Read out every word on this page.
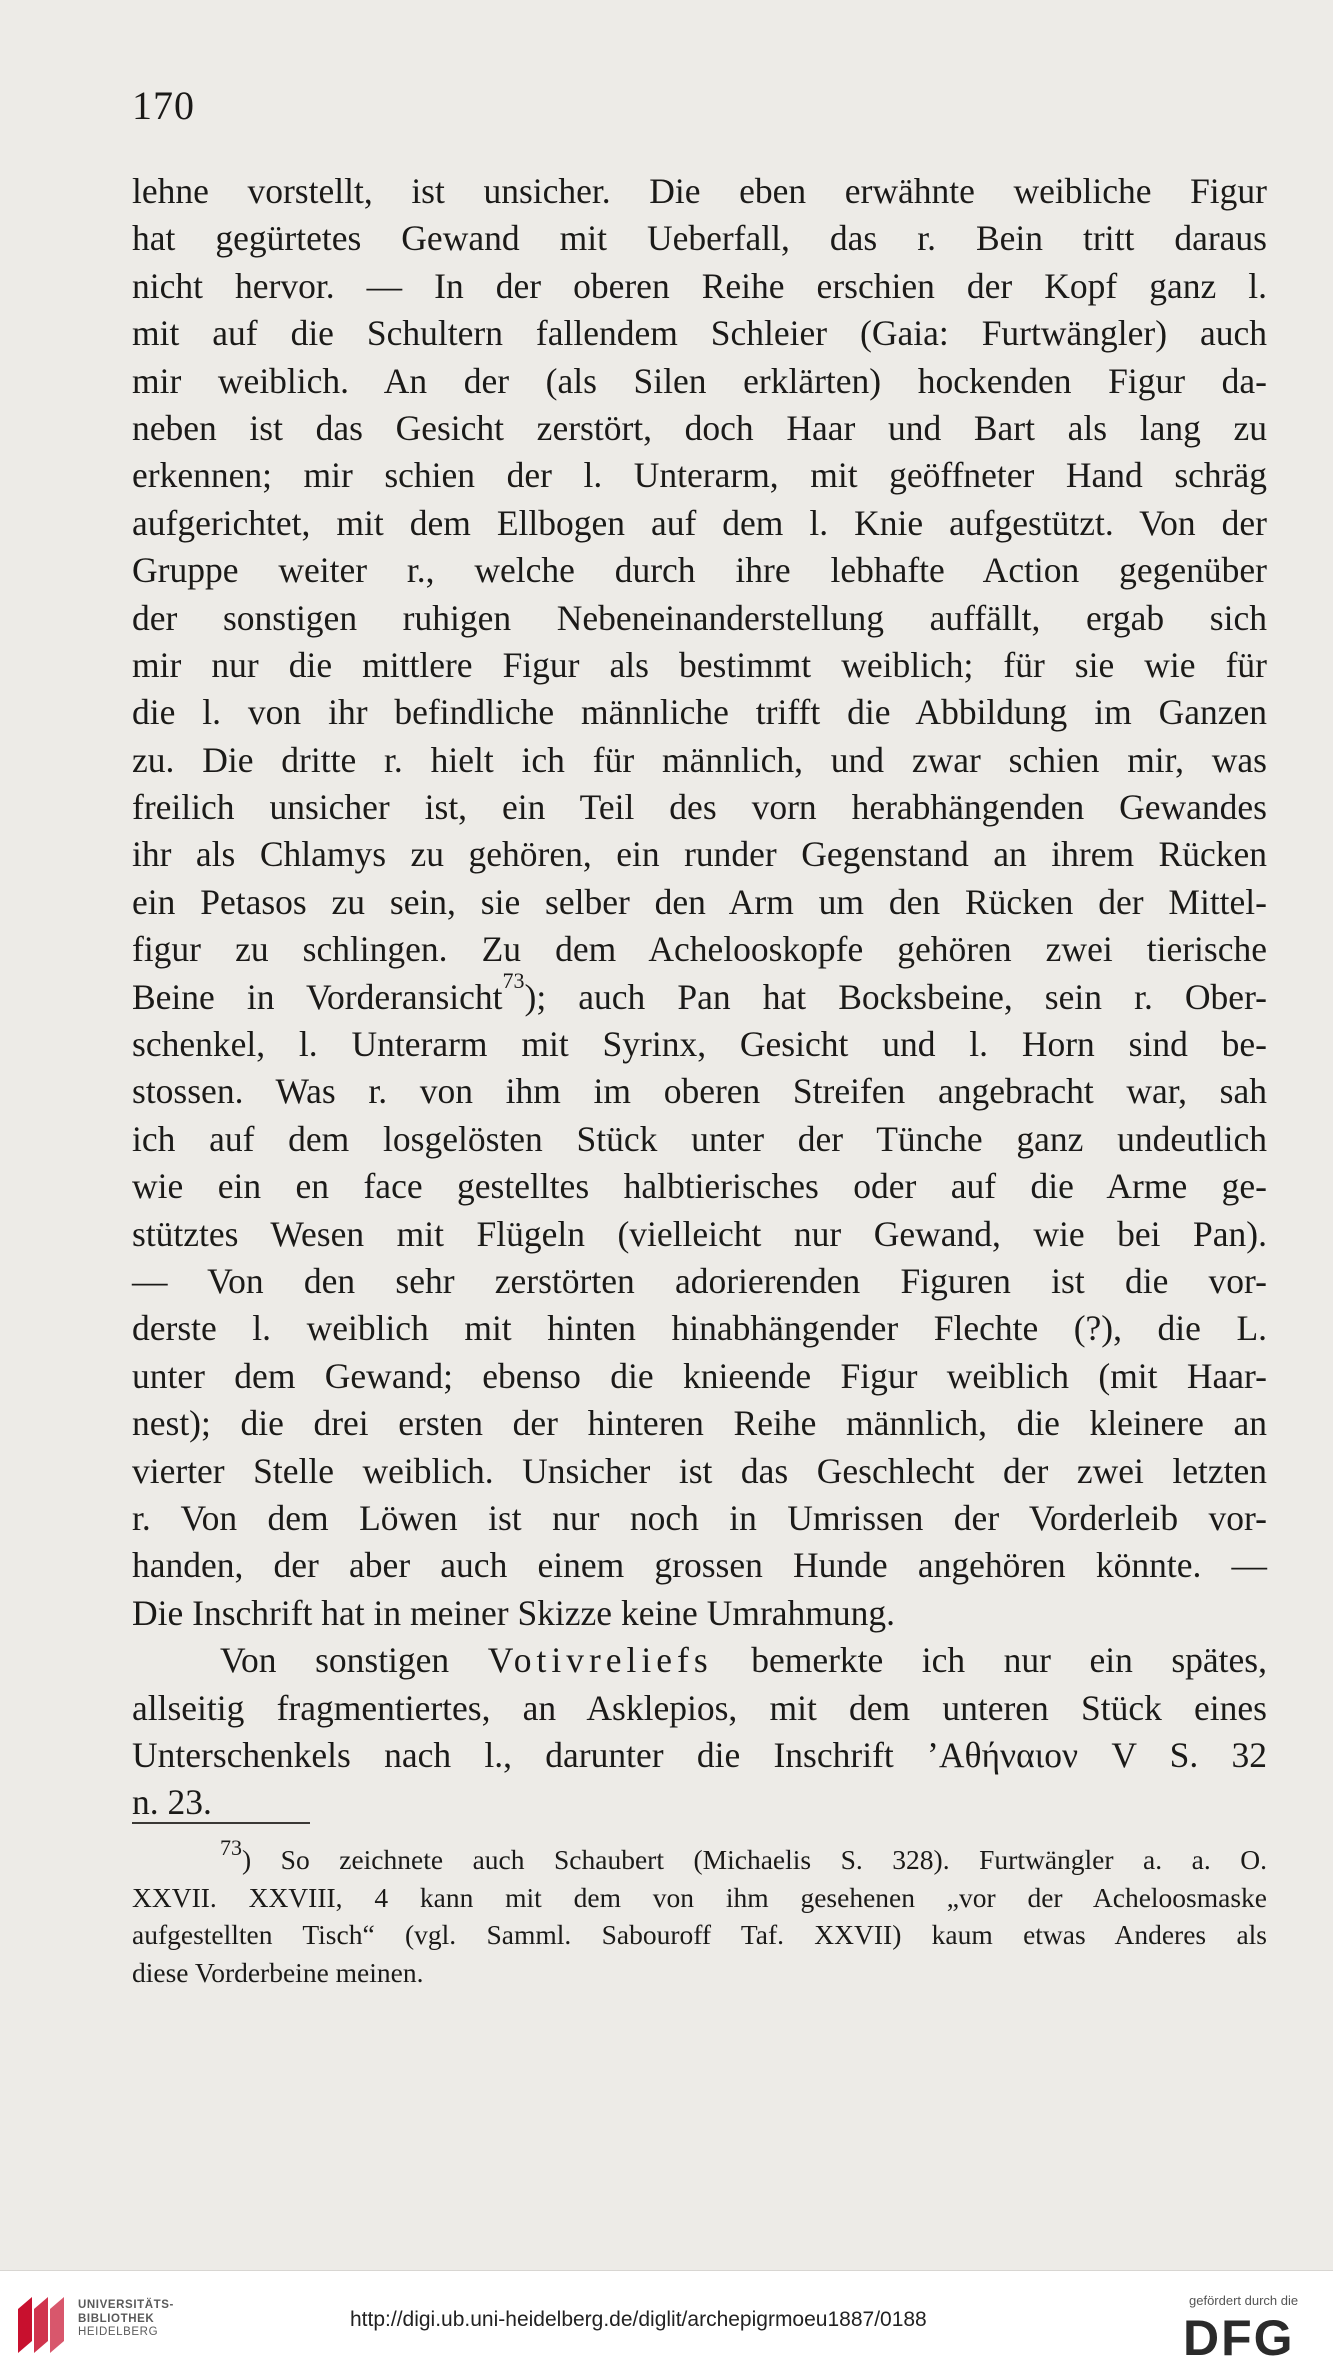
170
lehne vorstellt, ist unsicher. Die eben erwähnte weibliche Figur
hat gegürtetes Gewand mit Ueberfall, das r. Bein tritt daraus
nicht hervor. — In der oberen Reihe erschien der Kopf ganz l.
mit auf die Schultern fallendem Schleier (Gaia: Furtwängler) auch
mir weiblich. An der (als Silen erklärten) hockenden Figur da-
neben ist das Gesicht zerstört, doch Haar und Bart als lang zu
erkennen; mir schien der l. Unterarm, mit geöffneter Hand schräg
aufgerichtet, mit dem Ellbogen auf dem l. Knie aufgestützt. Von der
Gruppe weiter r., welche durch ihre lebhafte Action gegenüber
der sonstigen ruhigen Nebeneinanderstellung auffällt, ergab sich
mir nur die mittlere Figur als bestimmt weiblich; für sie wie für
die l. von ihr befindliche männliche trifft die Abbildung im Ganzen
zu. Die dritte r. hielt ich für männlich, und zwar schien mir, was
freilich unsicher ist, ein Teil des vorn herabhängenden Gewandes
ihr als Chlamys zu gehören, ein runder Gegenstand an ihrem Rücken
ein Petasos zu sein, sie selber den Arm um den Rücken der Mittel-
figur zu schlingen. Zu dem Achelooskopfe gehören zwei tierische
Beine in Vorderansicht$^{73}$); auch Pan hat Bocksbeine, sein r. Ober-
schenkel, l. Unterarm mit Syrinx, Gesicht und l. Horn sind be-
stossen. Was r. von ihm im oberen Streifen angebracht war, sah
ich auf dem losgelösten Stück unter der Tünche ganz undeutlich
wie ein en face gestelltes halbtierisches oder auf die Arme ge-
stütztes Wesen mit Flügeln (vielleicht nur Gewand, wie bei Pan).
— Von den sehr zerstörten adorierenden Figuren ist die vor-
derste l. weiblich mit hinten hinabhängender Flechte (?), die L.
unter dem Gewand; ebenso die knieende Figur weiblich (mit Haar-
nest); die drei ersten der hinteren Reihe männlich, die kleinere an
vierter Stelle weiblich. Unsicher ist das Geschlecht der zwei letzten
r. Von dem Löwen ist nur noch in Umrissen der Vorderleib vor-
handen, der aber auch einem grossen Hunde angehören könnte. —
Die Inschrift hat in meiner Skizze keine Umrahmung.
Von sonstigen Votivreliefs bemerkte ich nur ein spätes,
allseitig fragmentiertes, an Asklepios, mit dem unteren Stück eines
Unterschenkels nach l., darunter die Inschrift ʼΑθήναιον V S. 32
n. 23.
$^{73}$) So zeichnete auch Schaubert (Michaelis S. 328). Furtwängler a. a. O.
XXVII. XXVIII, 4 kann mit dem von ihm gesehenen „vor der Acheloosmaske
aufgestellten Tisch“ (vgl. Samml. Sabouroff Taf. XXVII) kaum etwas Anderes als
diese Vorderbeine meinen.
UNIVERSITÄTS-
BIBLIOTHEK
HEIDELBERG
http://digi.ub.uni-heidelberg.de/diglit/archepigrmoeu1887/0188
gefördert durch die
DFG
